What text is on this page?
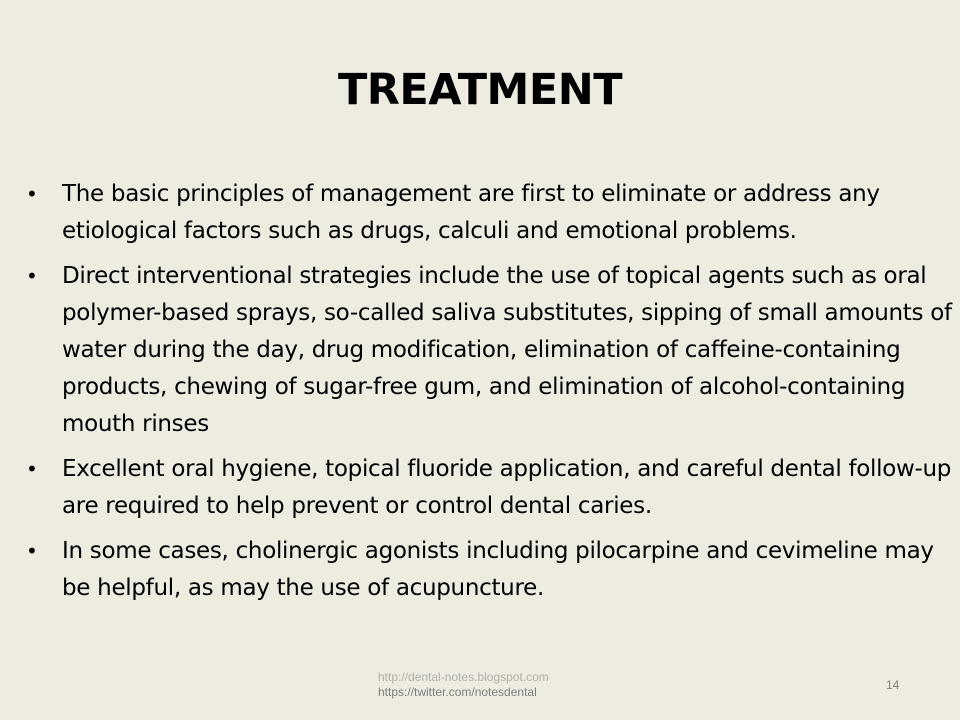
TREATMENT
• The basic principles of management are first to eliminate or address any etiological factors such as drugs, calculi and emotional problems.
• Direct interventional strategies include the use of topical agents such as oral polymer-based sprays, so-called saliva substitutes, sipping of small amounts of water during the day, drug modification, elimination of caffeine-containing products, chewing of sugar-free gum, and elimination of alcohol-containing mouth rinses
• Excellent oral hygiene, topical fluoride application, and careful dental follow-up are required to help prevent or control dental caries.
• In some cases, cholinergic agonists including pilocarpine and cevimeline may be helpful, as may the use of acupuncture.
http://dental-notes.blogspot.com
https://twitter.com/notesdental	14
